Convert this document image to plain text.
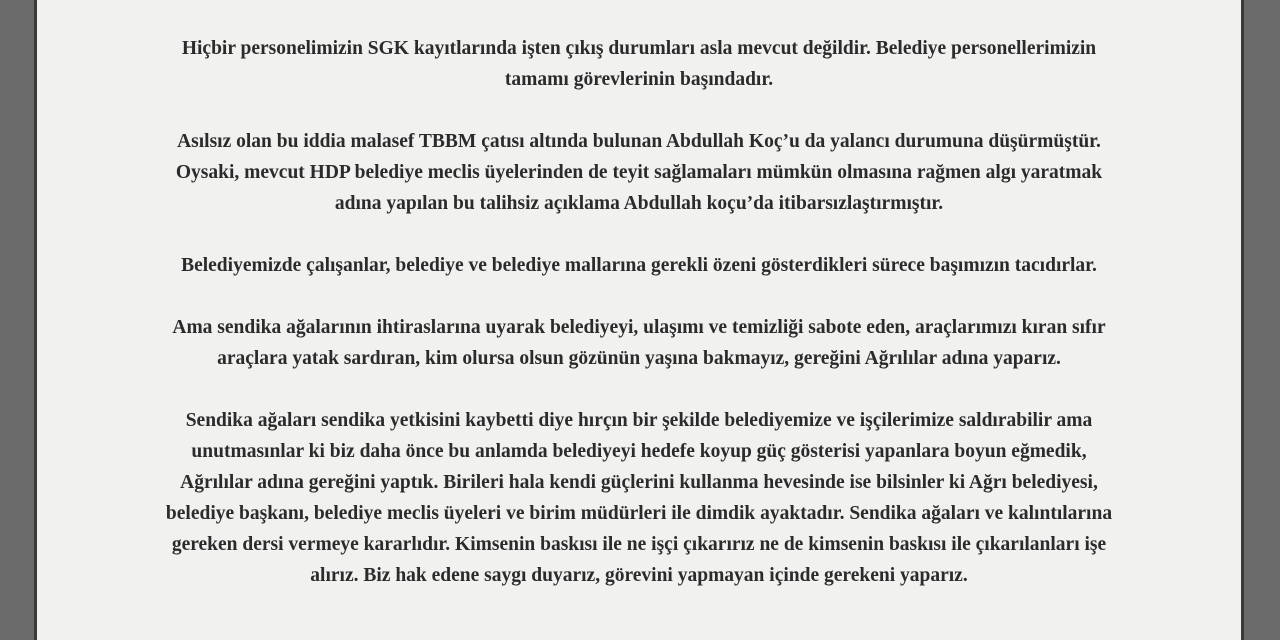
Hiçbir personelimizin SGK kayıtlarında işten çıkış durumları asla mevcut değildir. Belediye personellerimizin
tamamı görevlerinin başındadır.
Asılsız olan bu iddia malasef TBBM çatısı altında bulunan Abdullah Koç’u da yalancı durumuna düşürmüştür.
Oysaki, mevcut HDP belediye meclis üyelerinden de teyit sağlamaları mümkün olmasına rağmen algı yaratmak
adına yapılan bu talihsiz açıklama Abdullah koçu’da itibarsızlaştırmıştır.
Belediyemizde çalışanlar, belediye ve belediye mallarına gerekli özeni gösterdikleri sürece başımızın tacıdırlar.
Ama sendika ağalarının ihtiraslarına uyarak belediyeyi, ulaşımı ve temizliği sabote eden, araçlarımızı kıran sıfır
araçlara yatak sardıran, kim olursa olsun gözünün yaşına bakmayız, gereğini Ağrılılar adına yaparız.
Sendika ağaları sendika yetkisini kaybetti diye hırçın bir şekilde belediyemize ve işçilerimize saldırabilir ama
unutmasınlar ki biz daha önce bu anlamda belediyeyi hedefe koyup güç gösterisi yapanlara boyun eğmedik,
Ağrılılar adına gereğini yaptık. Birileri hala kendi güçlerini kullanma hevesinde ise bilsinler ki Ağrı belediyesi,
belediye başkanı, belediye meclis üyeleri ve birim müdürleri ile dimdik ayaktadır. Sendika ağaları ve kalıntılarına
gereken dersi vermeye kararlıdır. Kimsenin baskısı ile ne işçi çıkarırız ne de kimsenin baskısı ile çıkarılanları işe
alırız. Biz hak edene saygı duyarız, görevini yapmayan içinde gerekeni yaparız.
